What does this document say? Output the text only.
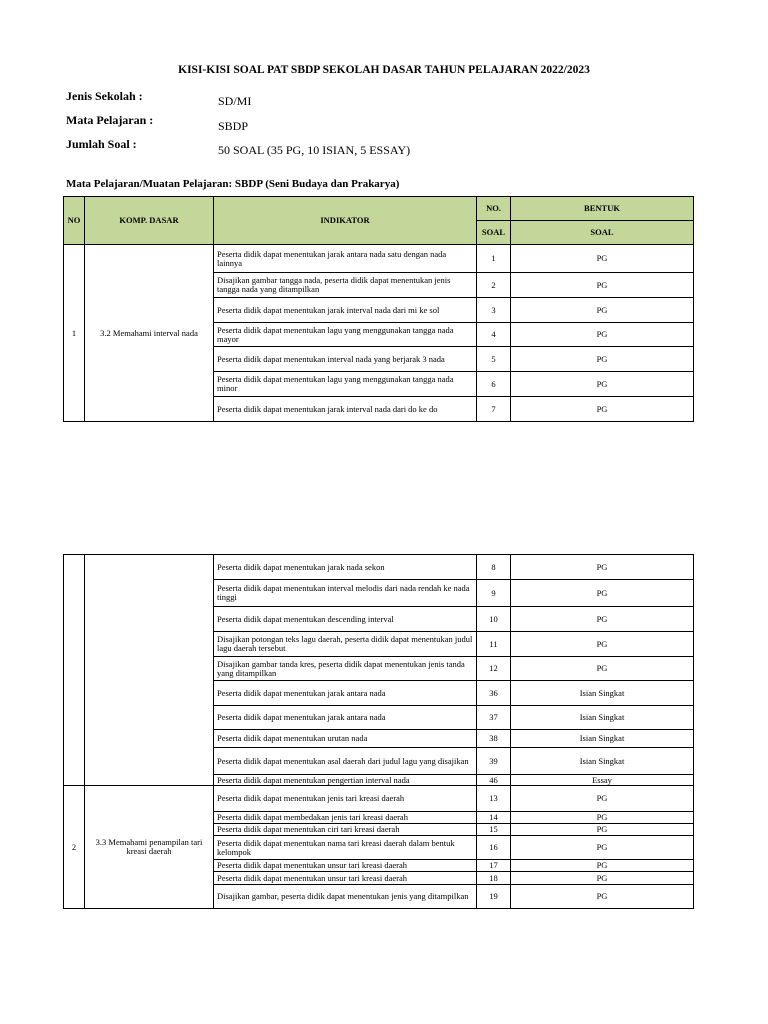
KISI-KISI SOAL PAT SBDP SEKOLAH DASAR TAHUN PELAJARAN 2022/2023
Jenis Sekolah :	SD/MI
Mata Pelajaran :	SBDP
Jumlah Soal :	50 SOAL (35 PG, 10 ISIAN, 5 ESSAY)
Mata Pelajaran/Muatan Pelajaran: SBDP (Seni Budaya dan Prakarya)
NO	KOMP. DASAR	INDIKATOR	NO.	BENTUK
			SOAL	SOAL
1	3.2 Memahami interval nada	Peserta didik dapat menentukan jarak antara nada satu dengan nada lainnya	1	PG
		Disajikan gambar tangga nada, peserta didik dapat menentukan jenis tangga nada yang ditampilkan	2	PG
		Peserta didik dapat menentukan jarak interval nada dari mi ke sol	3	PG
		Peserta didik dapat menentukan lagu yang menggunakan tangga nada mayor	4	PG
		Peserta didik dapat menentukan interval nada yang berjarak 3 nada	5	PG
		Peserta didik dapat menentukan lagu yang menggunakan tangga nada minor	6	PG
		Peserta didik dapat menentukan jarak interval nada dari do ke do	7	PG
		Peserta didik dapat menentukan jarak nada sekon	8	PG
		Peserta didik dapat menentukan interval melodis dari nada rendah ke nada tinggi	9	PG
		Peserta didik dapat menentukan descending interval	10	PG
		Disajikan potongan teks lagu daerah, peserta didik dapat menentukan judul lagu daerah tersebut	11	PG
		Disajikan gambar tanda kres, peserta didik dapat menentukan jenis tanda yang ditampilkan	12	PG
		Peserta didik dapat menentukan jarak antara nada	36	Isian Singkat
		Peserta didik dapat menentukan jarak antara nada	37	Isian Singkat
		Peserta didik dapat menentukan urutan nada	38	Isian Singkat
		Peserta didik dapat menentukan asal daerah dari judul lagu yang disajikan	39	Isian Singkat
		Peserta didik dapat menentukan pengertian interval nada	46	Essay
2	3.3 Memahami penampilan tari kreasi daerah	Peserta didik dapat menentukan jenis tari kreasi daerah	13	PG
		Peserta didik dapat membedakan jenis tari kreasi daerah	14	PG
		Peserta didik dapat menentukan ciri tari kreasi daerah	15	PG
		Peserta didik dapat menentukan nama tari kreasi daerah dalam bentuk kelompok	16	PG
		Peserta didik dapat menentukan unsur tari kreasi daerah	17	PG
		Peserta didik dapat menentukan unsur tari kreasi daerah	18	PG
		Disajikan gambar, peserta didik dapat menentukan jenis yang ditampilkan	19	PG
